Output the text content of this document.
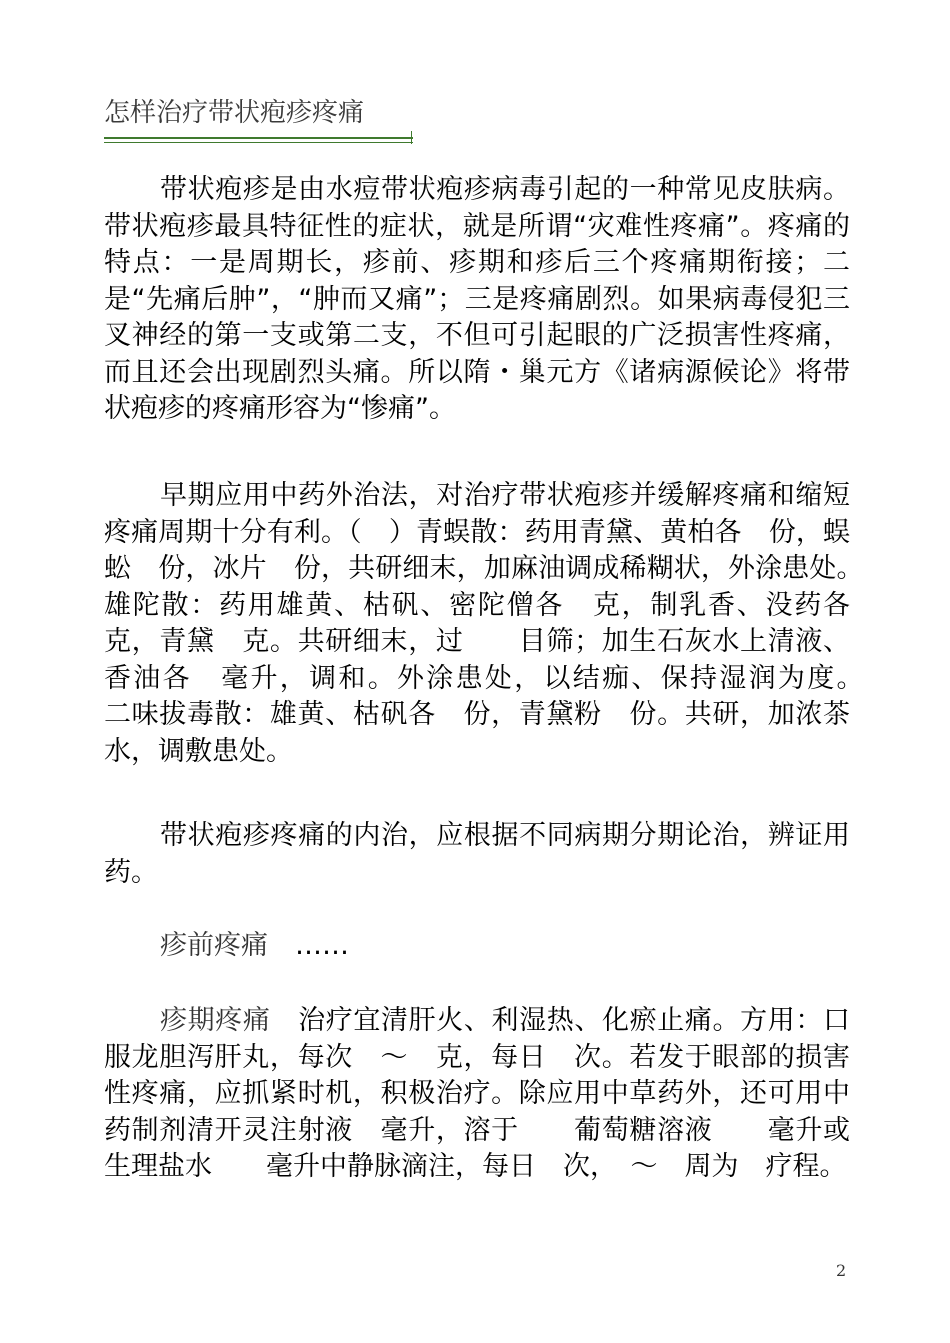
怎样治疗带状疱疹疼痛

带状疱疹是由水痘带状疱疹病毒引起的一种常见皮肤病。带状疱疹最具特征性的症状，就是所谓“灾难性疼痛”。疼痛的特点：一是周期长，疹前、疹期和疹后三个疼痛期衔接；二是“先痛后肿”，“肿而又痛”；三是疼痛剧烈。如果病毒侵犯三叉神经的第一支或第二支，不但可引起眼的广泛损害性疼痛，而且还会出现剧烈头痛。所以隋・巢元方《诸病源候论》将带状疱疹的疼痛形容为“惨痛”。

早期应用中药外治法，对治疗带状疱疹并缓解疼痛和缩短疼痛周期十分有利。（　）青蜈散：药用青黛、黄柏各　份，蜈蚣　份，冰片　份，共研细末，加麻油调成稀糊状，外涂患处。　　雄陀散：药用雄黄、枯矾、密陀僧各　克，制乳香、没药各　克，青黛　克。共研细末，过　　目筛；加生石灰水上清液、香油各　毫升，调和。外涂患处，以结痂、保持湿润为度。　　二味拔毒散：雄黄、枯矾各　份，青黛粉　份。共研，加浓茶水，调敷患处。

带状疱疹疼痛的内治，应根据不同病期分期论治，辨证用药。

疹前疼痛　……

疹期疼痛　治疗宜清肝火、利湿热、化瘀止痛。方用：口服龙胆泻肝丸，每次　～　克，每日　次。若发于眼部的损害性疼痛，应抓紧时机，积极治疗。除应用中草药外，还可用中药制剂清开灵注射液　毫升，溶于　　葡萄糖溶液　　毫升或　　生理盐水　　毫升中静脉滴注，每日　次，　～　周为　疗程。

2
